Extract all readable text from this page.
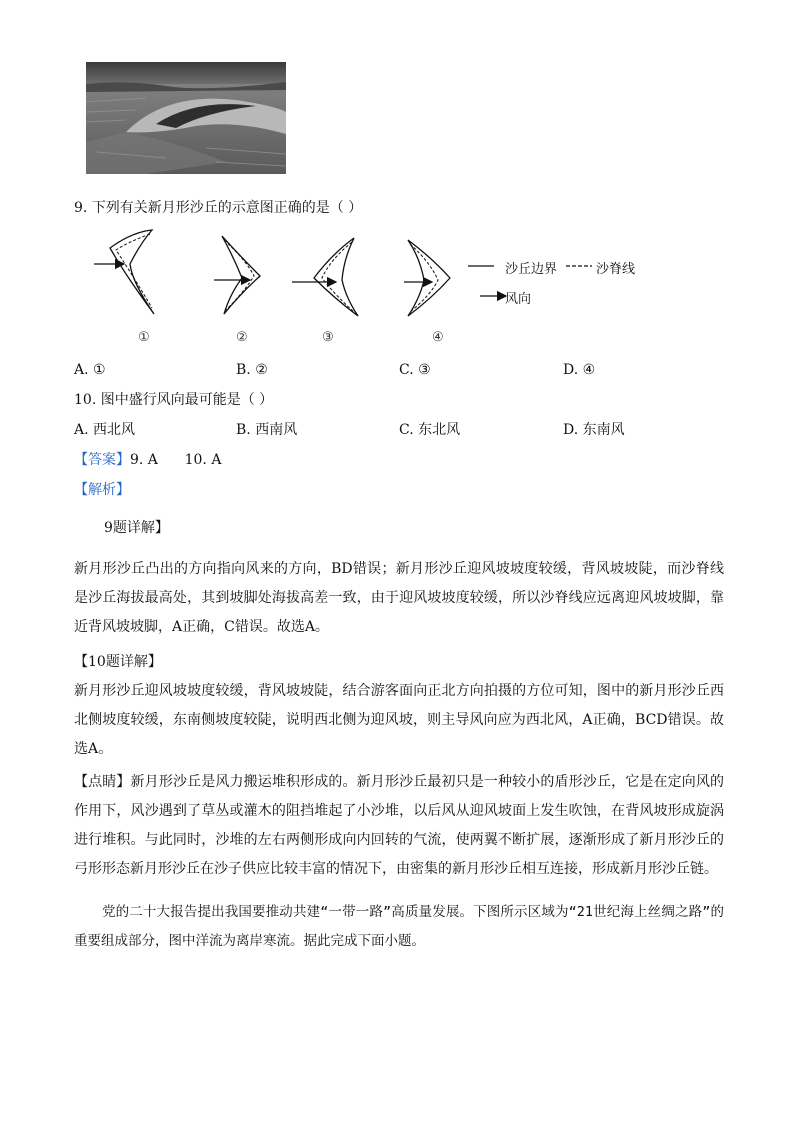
9. 下列有关新月形沙丘的示意图正确的是（ ）
沙丘边界	沙脊线
风向
①	②	③	④
A. ①	B. ②	C. ③	D. ④
10. 图中盛行风向最可能是（ ）
A. 西北风	B. 西南风	C. 东北风	D. 东南风
【答案】9. A      10. A
【解析】
9题详解】
新月形沙丘凸出的方向指向风来的方向，BD错误；新月形沙丘迎风坡坡度较缓，背风坡坡陡，而沙脊线是沙丘海拔最高处，其到坡脚处海拔高差一致，由于迎风坡坡度较缓，所以沙脊线应远离迎风坡坡脚，靠近背风坡坡脚，A正确，C错误。故选A。
【10题详解】
新月形沙丘迎风坡坡度较缓，背风坡坡陡，结合游客面向正北方向拍摄的方位可知，图中的新月形沙丘西北侧坡度较缓，东南侧坡度较陡，说明西北侧为迎风坡，则主导风向应为西北风，A正确，BCD错误。故选A。
【点睛】新月形沙丘是风力搬运堆积形成的。新月形沙丘最初只是一种较小的盾形沙丘，它是在定向风的作用下，风沙遇到了草丛或灌木的阻挡堆起了小沙堆，以后风从迎风坡面上发生吹蚀，在背风坡形成旋涡进行堆积。与此同时，沙堆的左右两侧形成向内回转的气流，使两翼不断扩展，逐渐形成了新月形沙丘的弓形形态新月形沙丘在沙子供应比较丰富的情况下，由密集的新月形沙丘相互连接，形成新月形沙丘链。
党的二十大报告提出我国要推动共建“一带一路”高质量发展。下图所示区域为“21世纪海上丝绸之路”的重要组成部分，图中洋流为离岸寒流。据此完成下面小题。
